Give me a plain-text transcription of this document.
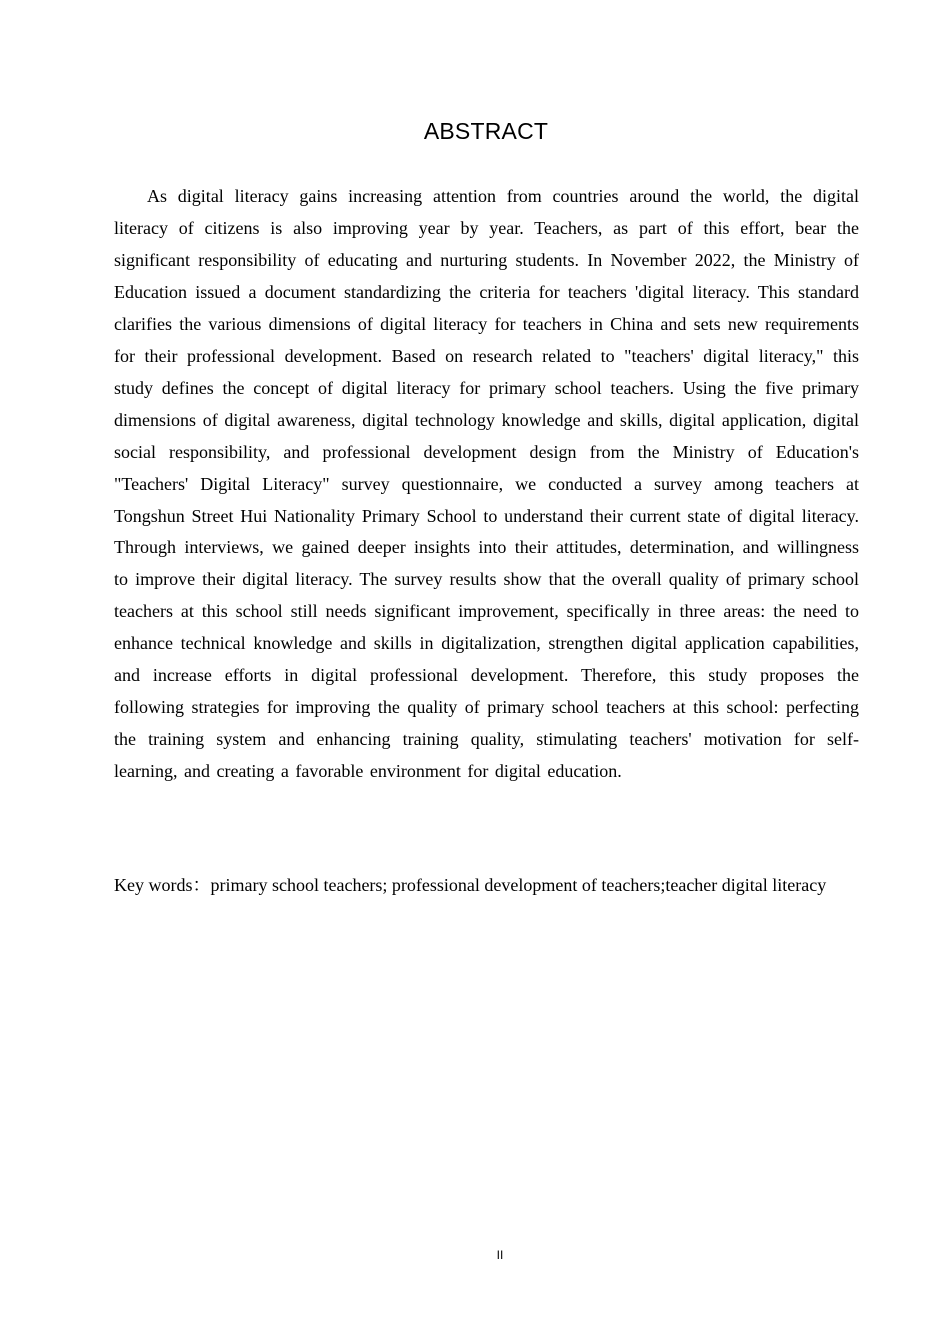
ABSTRACT

As digital literacy gains increasing attention from countries around the world, the digital literacy of citizens is also improving year by year. Teachers, as part of this effort, bear the significant responsibility of educating and nurturing students. In November 2022, the Ministry of Education issued a document standardizing the criteria for teachers 'digital literacy. This standard clarifies the various dimensions of digital literacy for teachers in China and sets new requirements for their professional development. Based on research related to "teachers' digital literacy," this study defines the concept of digital literacy for primary school teachers. Using the five primary dimensions of digital awareness, digital technology knowledge and skills, digital application, digital social responsibility, and professional development design from the Ministry of Education's "Teachers' Digital Literacy" survey questionnaire, we conducted a survey among teachers at Tongshun Street Hui Nationality Primary School to understand their current state of digital literacy. Through interviews, we gained deeper insights into their attitudes, determination, and willingness to improve their digital literacy. The survey results show that the overall quality of primary school teachers at this school still needs significant improvement, specifically in three areas: the need to enhance technical knowledge and skills in digitalization, strengthen digital application capabilities, and increase efforts in digital professional development. Therefore, this study proposes the following strategies for improving the quality of primary school teachers at this school: perfecting the training system and enhancing training quality, stimulating teachers' motivation for self-learning, and creating a favorable environment for digital education.

Key words：primary school teachers; professional development of teachers;teacher digital literacy

II
